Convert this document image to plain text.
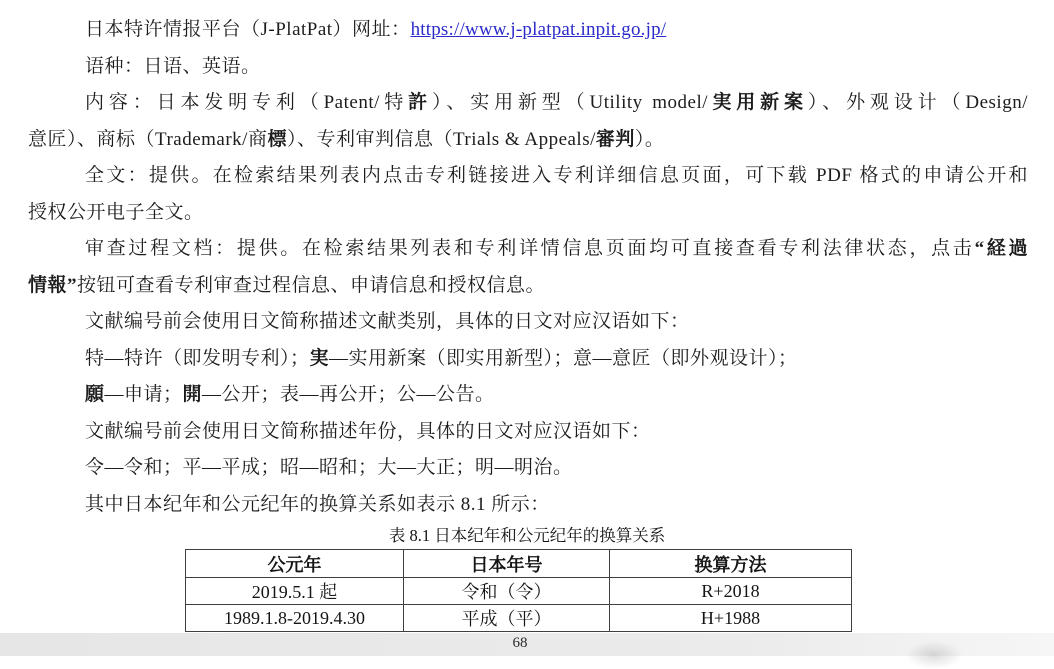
日本特许情报平台（J-PlatPat）网址：https://www.j-platpat.inpit.go.jp/
语种：日语、英语。
内容：日本发明专利（Patent/特許）、实用新型（Utility model/実用新案）、外观设计（Design/
意匠）、商标（Trademark/商標）、专利审判信息（Trials & Appeals/審判）。
全文：提供。在检索结果列表内点击专利链接进入专利详细信息页面，可下载 PDF 格式的申请公开和
授权公开电子全文。
审查过程文档：提供。在检索结果列表和专利详情信息页面均可直接查看专利法律状态，点击“経過
情報”按钮可查看专利审查过程信息、申请信息和授权信息。
文献编号前会使用日文简称描述文献类别，具体的日文对应汉语如下：
特—特许（即发明专利）；実—实用新案（即实用新型）；意—意匠（即外观设计）；
願—申请；開—公开；表—再公开；公—公告。
文献编号前会使用日文简称描述年份，具体的日文对应汉语如下：
令—令和；平—平成；昭—昭和；大—大正；明—明治。
其中日本纪年和公元纪年的换算关系如表示 8.1 所示：
表 8.1 日本纪年和公元纪年的换算关系
公元年	日本年号	换算方法
2019.5.1 起	令和（令）	R+2018
1989.1.8-2019.4.30	平成（平）	H+1988
68
